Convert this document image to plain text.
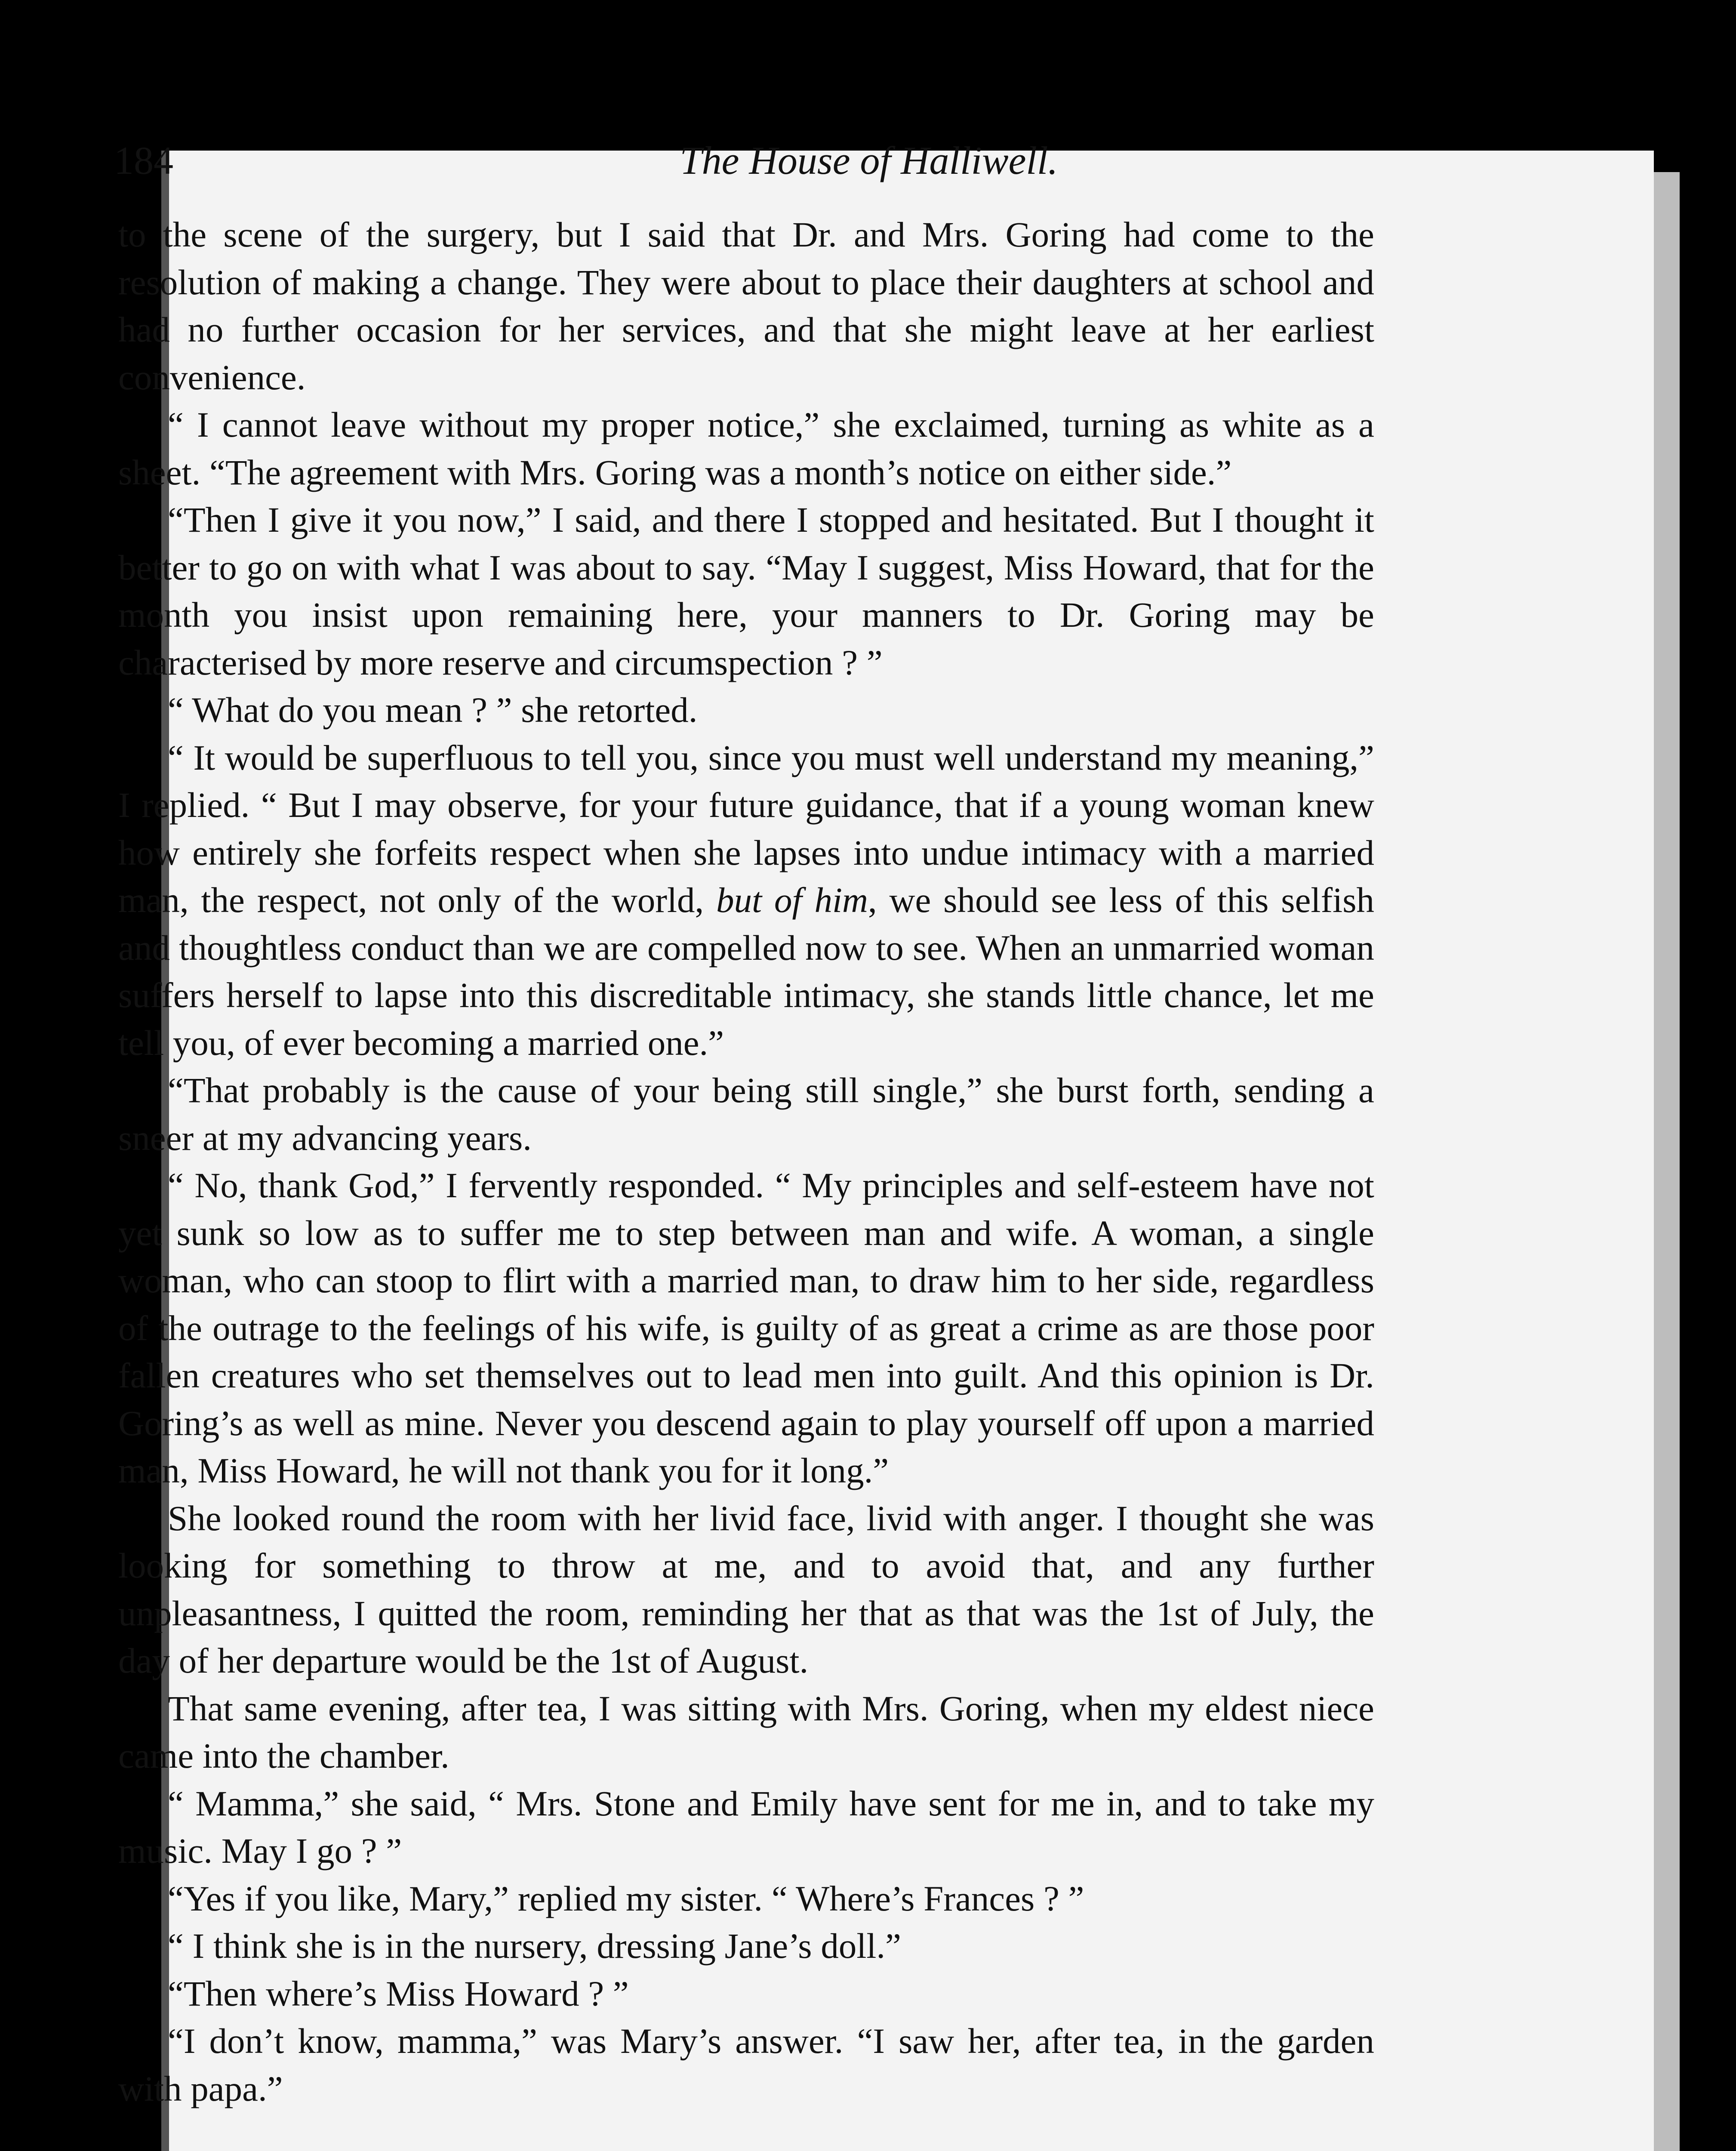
184	The House of Halliwell.

to the scene of the surgery, but I said that Dr. and Mrs. Goring had come to the resolution of making a change. They were about to place their daughters at school and had no further occasion for her services, and that she might leave at her earliest convenience.

“ I cannot leave without my proper notice,” she exclaimed, turning as white as a sheet. “The agreement with Mrs. Goring was a month’s notice on either side.”

“Then I give it you now,” I said, and there I stopped and hesitated. But I thought it better to go on with what I was about to say. “May I suggest, Miss Howard, that for the month you insist upon remaining here, your manners to Dr. Goring may be characterised by more reserve and circumspection ? ”

“ What do you mean ? ” she retorted.

“ It would be superfluous to tell you, since you must well understand my meaning,” I replied. “ But I may observe, for your future guidance, that if a young woman knew how entirely she forfeits respect when she lapses into undue intimacy with a married man, the respect, not only of the world, but of him, we should see less of this selfish and thoughtless conduct than we are compelled now to see. When an unmarried woman suffers herself to lapse into this discreditable intimacy, she stands little chance, let me tell you, of ever becoming a married one.”

“That probably is the cause of your being still single,” she burst forth, sending a sneer at my advancing years.

“ No, thank God,” I fervently responded. “ My principles and self-esteem have not yet sunk so low as to suffer me to step between man and wife. A woman, a single woman, who can stoop to flirt with a married man, to draw him to her side, regardless of the outrage to the feelings of his wife, is guilty of as great a crime as are those poor fallen creatures who set themselves out to lead men into guilt. And this opinion is Dr. Goring’s as well as mine. Never you descend again to play yourself off upon a married man, Miss Howard, he will not thank you for it long.”

She looked round the room with her livid face, livid with anger. I thought she was looking for something to throw at me, and to avoid that, and any further unpleasantness, I quitted the room, reminding her that as that was the 1st of July, the day of her departure would be the 1st of August.

That same evening, after tea, I was sitting with Mrs. Goring, when my eldest niece came into the chamber.

“ Mamma,” she said, “ Mrs. Stone and Emily have sent for me in, and to take my music. May I go ? ”

“Yes if you like, Mary,” replied my sister. “ Where’s Frances ? ”

“ I think she is in the nursery, dressing Jane’s doll.”

“Then where’s Miss Howard ? ”

“I don’t know, mamma,” was Mary’s answer. “I saw her, after tea, in the garden with papa.”
